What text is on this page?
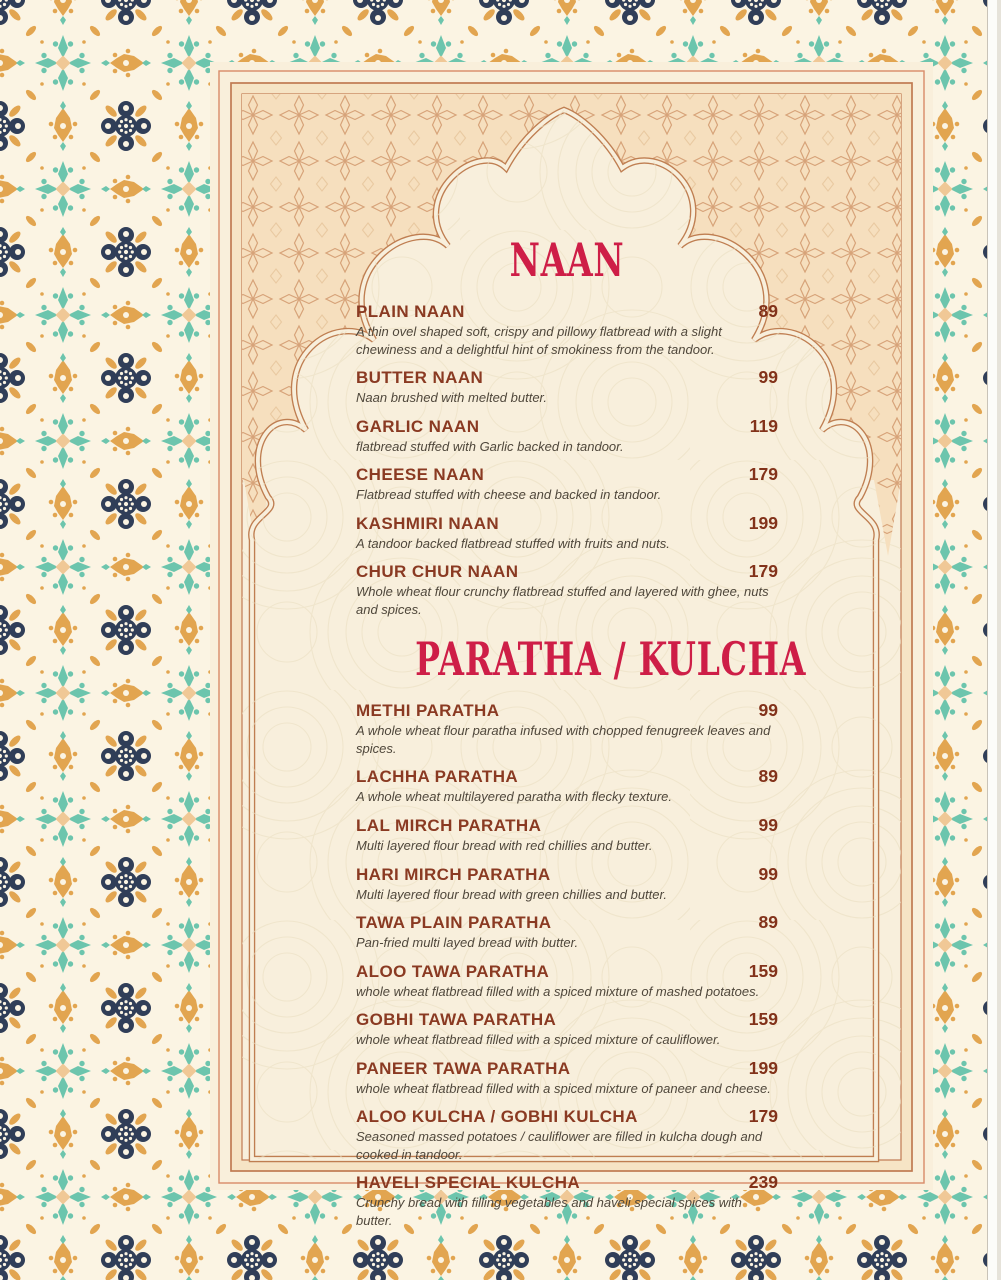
NAAN
PLAIN NAAN	89
A thin ovel shaped soft, crispy and pillowy flatbread with a slight chewiness and a delightful hint of smokiness from the tandoor.
BUTTER NAAN	99
Naan brushed with melted butter.
GARLIC NAAN	119
flatbread stuffed with Garlic backed in tandoor.
CHEESE NAAN	179
Flatbread stuffed with cheese and backed in tandoor.
KASHMIRI NAAN	199
A tandoor backed flatbread stuffed with fruits and nuts.
CHUR CHUR NAAN	179
Whole wheat flour crunchy flatbread stuffed and layered with ghee, nuts and spices.
PARATHA / KULCHA
METHI PARATHA	99
A whole wheat flour paratha infused with chopped fenugreek leaves and spices.
LACHHA PARATHA	89
A whole wheat multilayered paratha with flecky texture.
LAL MIRCH PARATHA	99
Multi layered flour bread with red chillies and butter.
HARI MIRCH PARATHA	99
Multi layered flour bread with green chillies and butter.
TAWA PLAIN PARATHA	89
Pan-fried multi layed bread with butter.
ALOO TAWA PARATHA	159
whole wheat flatbread filled with a spiced mixture of mashed potatoes.
GOBHI TAWA PARATHA	159
whole wheat flatbread filled with a spiced mixture of cauliflower.
PANEER TAWA PARATHA	199
whole wheat flatbread filled with a spiced mixture of paneer and cheese.
ALOO KULCHA / GOBHI KULCHA	179
Seasoned massed potatoes / cauliflower are filled in kulcha dough and cooked in tandoor.
HAVELI SPECIAL KULCHA	239
Crunchy bread with filling vegetables and haveli special spices with butter.
